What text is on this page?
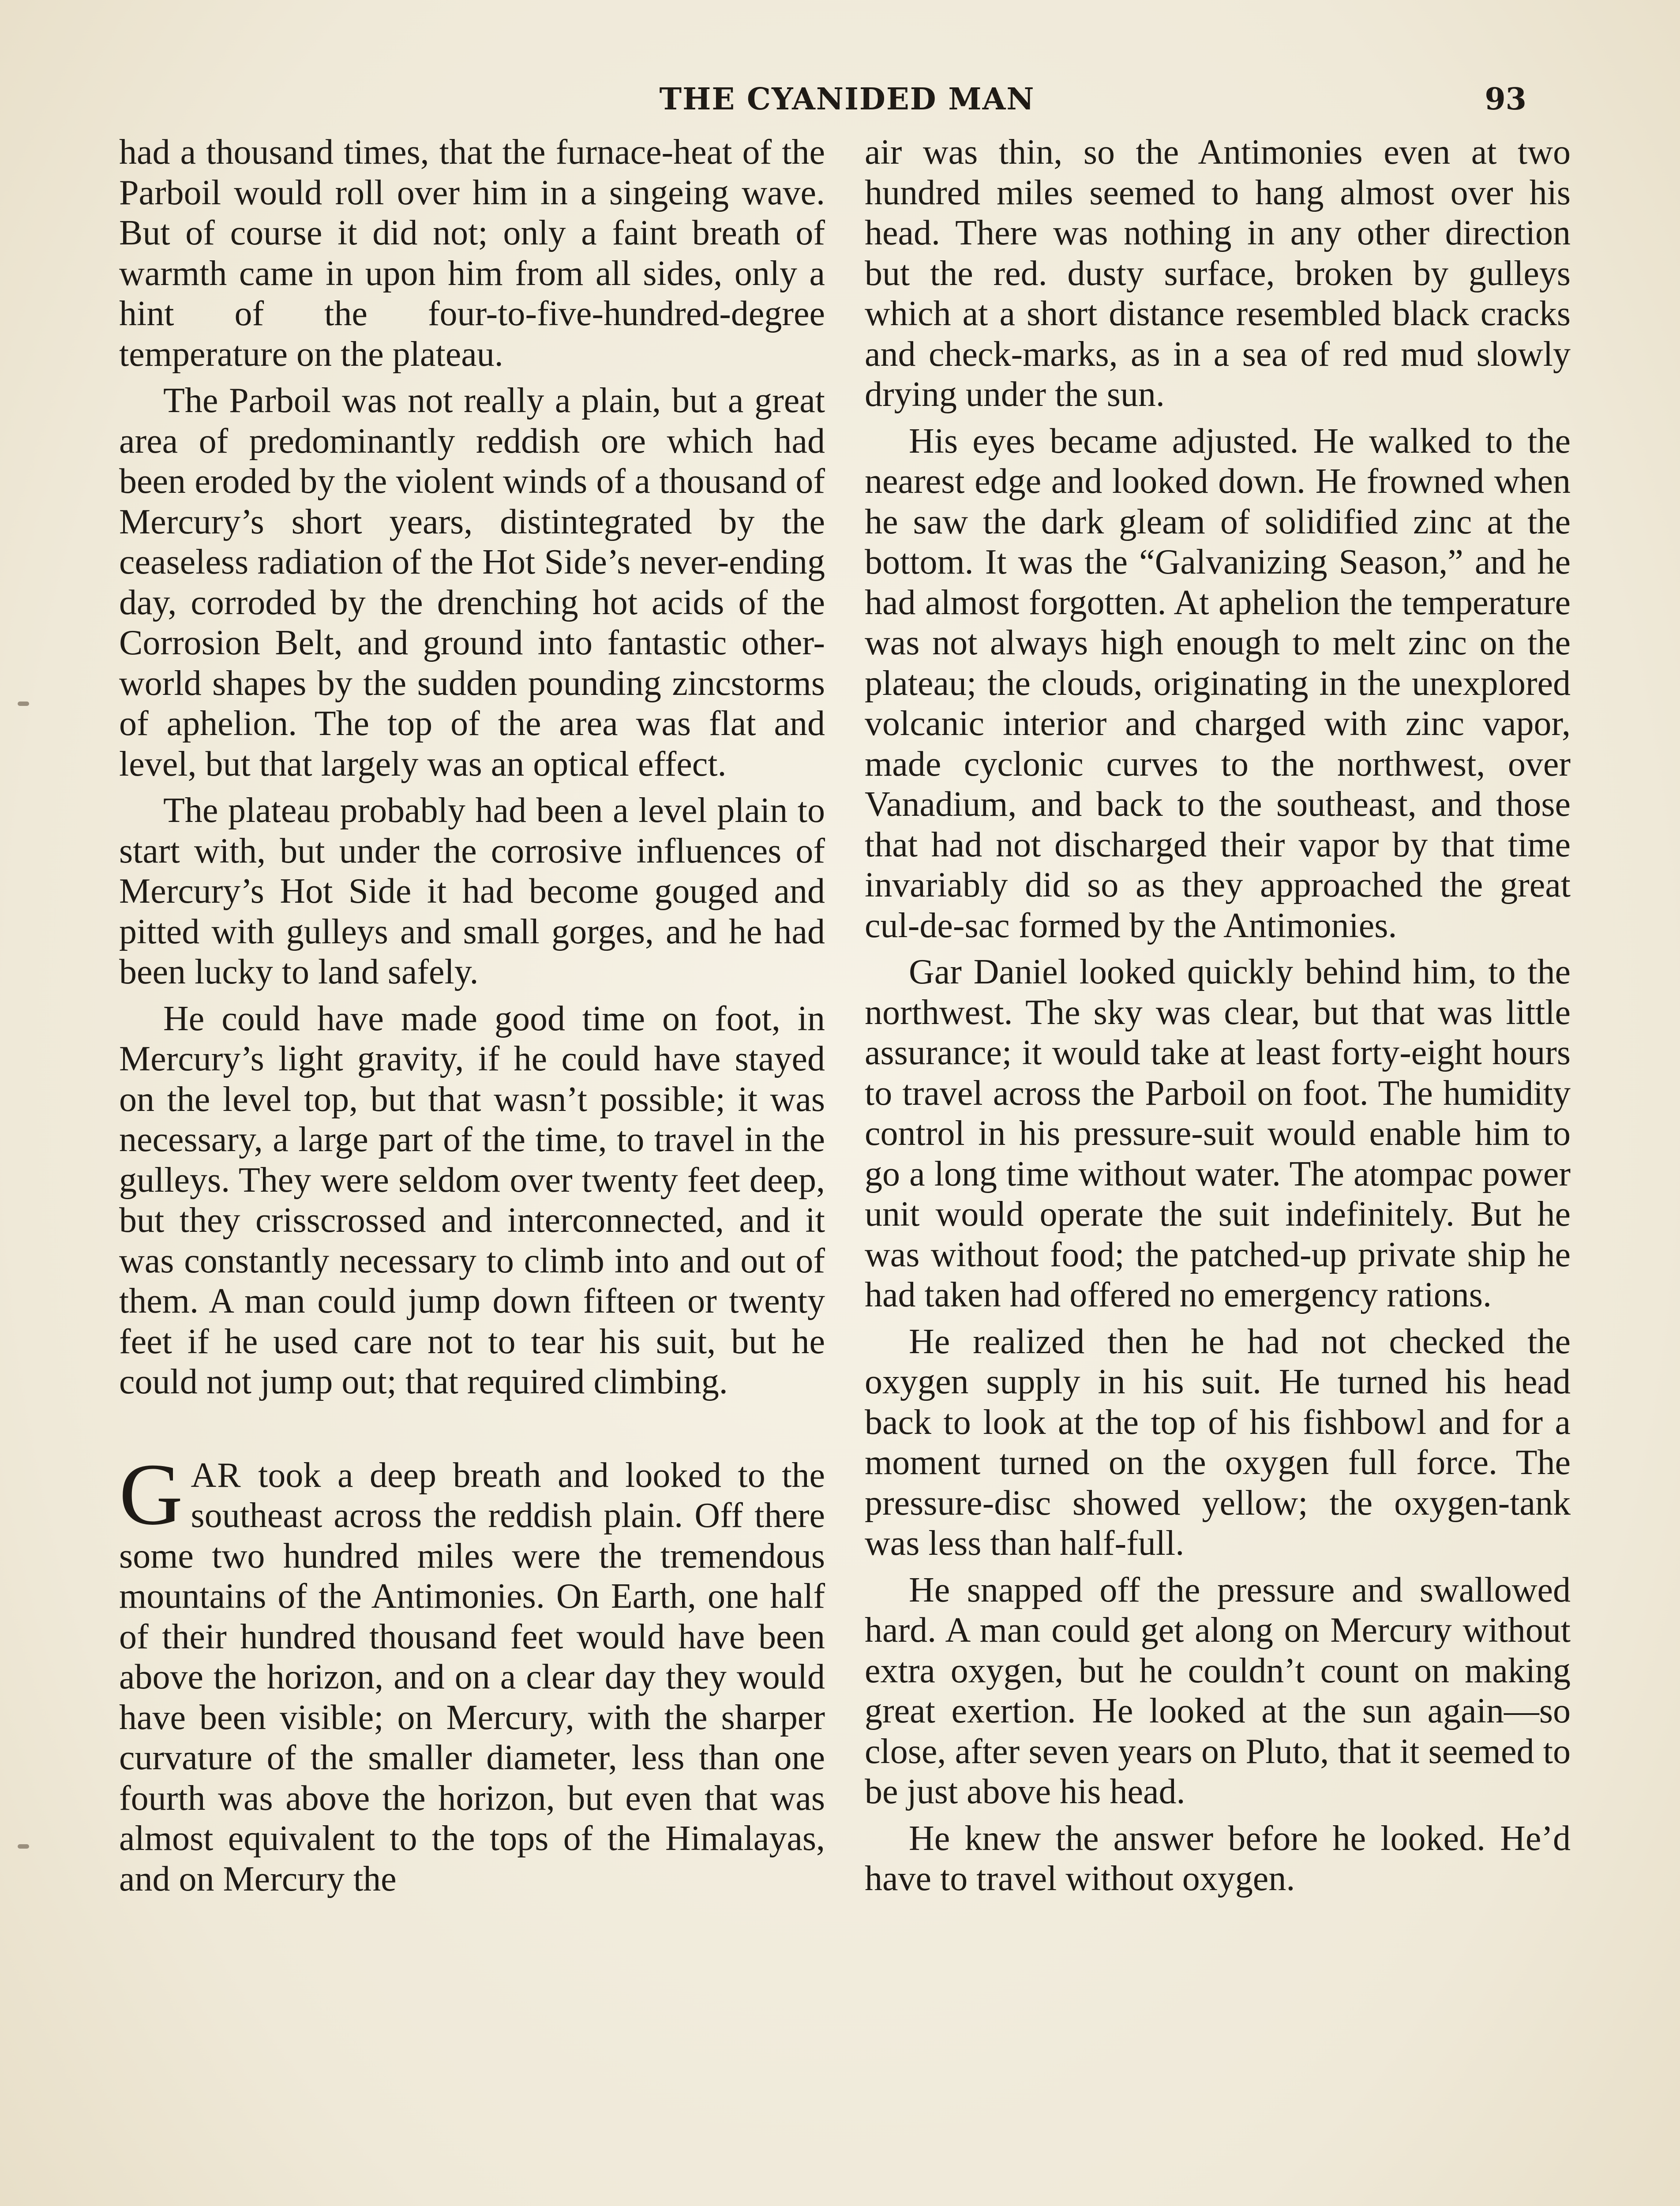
THE CYANIDED MAN	93

had a thousand times, that the furnace-heat of the Parboil would roll over him in a singeing wave. But of course it did not; only a faint breath of warmth came in upon him from all sides, only a hint of the four-to-five-hundred-degree temperature on the plateau.

The Parboil was not really a plain, but a great area of predominantly reddish ore which had been eroded by the violent winds of a thousand of Mercury’s short years, distintegrated by the ceaseless radiation of the Hot Side’s never-ending day, corroded by the drenching hot acids of the Corrosion Belt, and ground into fantastic other-world shapes by the sudden pounding zincstorms of aphelion. The top of the area was flat and level, but that largely was an optical effect.

The plateau probably had been a level plain to start with, but under the corrosive influences of Mercury’s Hot Side it had become gouged and pitted with gulleys and small gorges, and he had been lucky to land safely.

He could have made good time on foot, in Mercury’s light gravity, if he could have stayed on the level top, but that wasn’t possible; it was necessary, a large part of the time, to travel in the gulleys. They were seldom over twenty feet deep, but they crisscrossed and interconnected, and it was constantly necessary to climb into and out of them. A man could jump down fifteen or twenty feet if he used care not to tear his suit, but he could not jump out; that required climbing.

GAR took a deep breath and looked to the southeast across the reddish plain. Off there some two hundred miles were the tremendous mountains of the Antimonies. On Earth, one half of their hundred thousand feet would have been above the horizon, and on a clear day they would have been visible; on Mercury, with the sharper curvature of the smaller diameter, less than one fourth was above the horizon, but even that was almost equivalent to the tops of the Himalayas, and on Mercury the

air was thin, so the Antimonies even at two hundred miles seemed to hang almost over his head. There was nothing in any other direction but the red. dusty surface, broken by gulleys which at a short distance resembled black cracks and check-marks, as in a sea of red mud slowly drying under the sun.

His eyes became adjusted. He walked to the nearest edge and looked down. He frowned when he saw the dark gleam of solidified zinc at the bottom. It was the “Galvanizing Season,” and he had almost forgotten. At aphelion the temperature was not always high enough to melt zinc on the plateau; the clouds, originating in the unexplored volcanic interior and charged with zinc vapor, made cyclonic curves to the northwest, over Vanadium, and back to the southeast, and those that had not discharged their vapor by that time invariably did so as they approached the great cul-de-sac formed by the Antimonies.

Gar Daniel looked quickly behind him, to the northwest. The sky was clear, but that was little assurance; it would take at least forty-eight hours to travel across the Parboil on foot. The humidity control in his pressure-suit would enable him to go a long time without water. The atompac power unit would operate the suit indefinitely. But he was without food; the patched-up private ship he had taken had offered no emergency rations.

He realized then he had not checked the oxygen supply in his suit. He turned his head back to look at the top of his fishbowl and for a moment turned on the oxygen full force. The pressure-disc showed yellow; the oxygen-tank was less than half-full.

He snapped off the pressure and swallowed hard. A man could get along on Mercury without extra oxygen, but he couldn’t count on making great exertion. He looked at the sun again—so close, after seven years on Pluto, that it seemed to be just above his head.

He knew the answer before he looked. He’d have to travel without oxygen.
